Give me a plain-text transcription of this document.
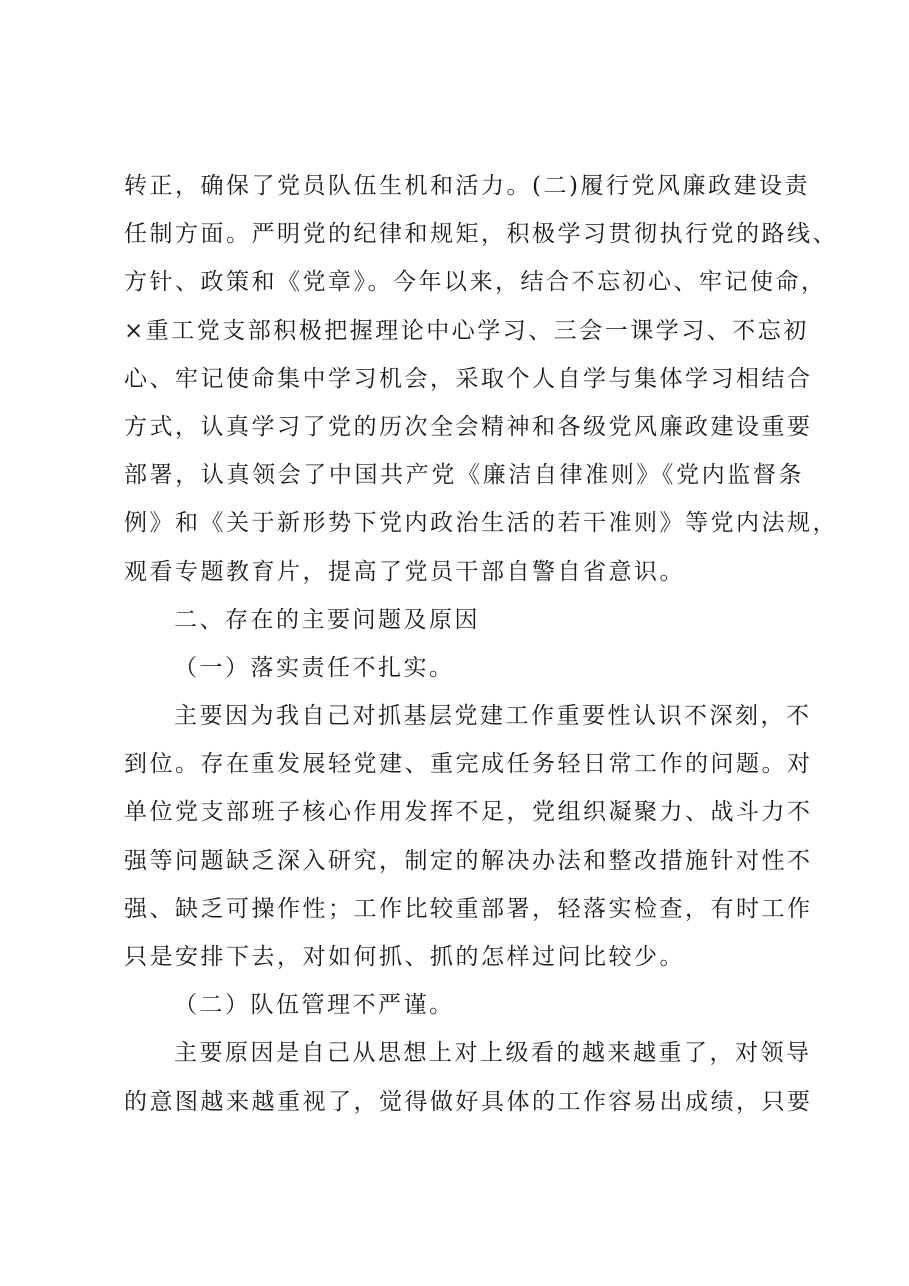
转正，确保了党员队伍生机和活力。(二)履行党风廉政建设责
任制方面。严明党的纪律和规矩，积极学习贯彻执行党的路线、
方针、政策和《党章》。今年以来，结合不忘初心、牢记使命，
×重工党支部积极把握理论中心学习、三会一课学习、不忘初
心、牢记使命集中学习机会，采取个人自学与集体学习相结合
方式，认真学习了党的历次全会精神和各级党风廉政建设重要
部署，认真领会了中国共产党《廉洁自律准则》《党内监督条
例》和《关于新形势下党内政治生活的若干准则》等党内法规，
观看专题教育片，提高了党员干部自警自省意识。
二、存在的主要问题及原因
（一）落实责任不扎实。
主要因为我自己对抓基层党建工作重要性认识不深刻，不
到位。存在重发展轻党建、重完成任务轻日常工作的问题。对
单位党支部班子核心作用发挥不足，党组织凝聚力、战斗力不
强等问题缺乏深入研究，制定的解决办法和整改措施针对性不
强、缺乏可操作性；工作比较重部署，轻落实检查，有时工作
只是安排下去，对如何抓、抓的怎样过问比较少。
（二）队伍管理不严谨。
主要原因是自己从思想上对上级看的越来越重了，对领导
的意图越来越重视了，觉得做好具体的工作容易出成绩，只要
